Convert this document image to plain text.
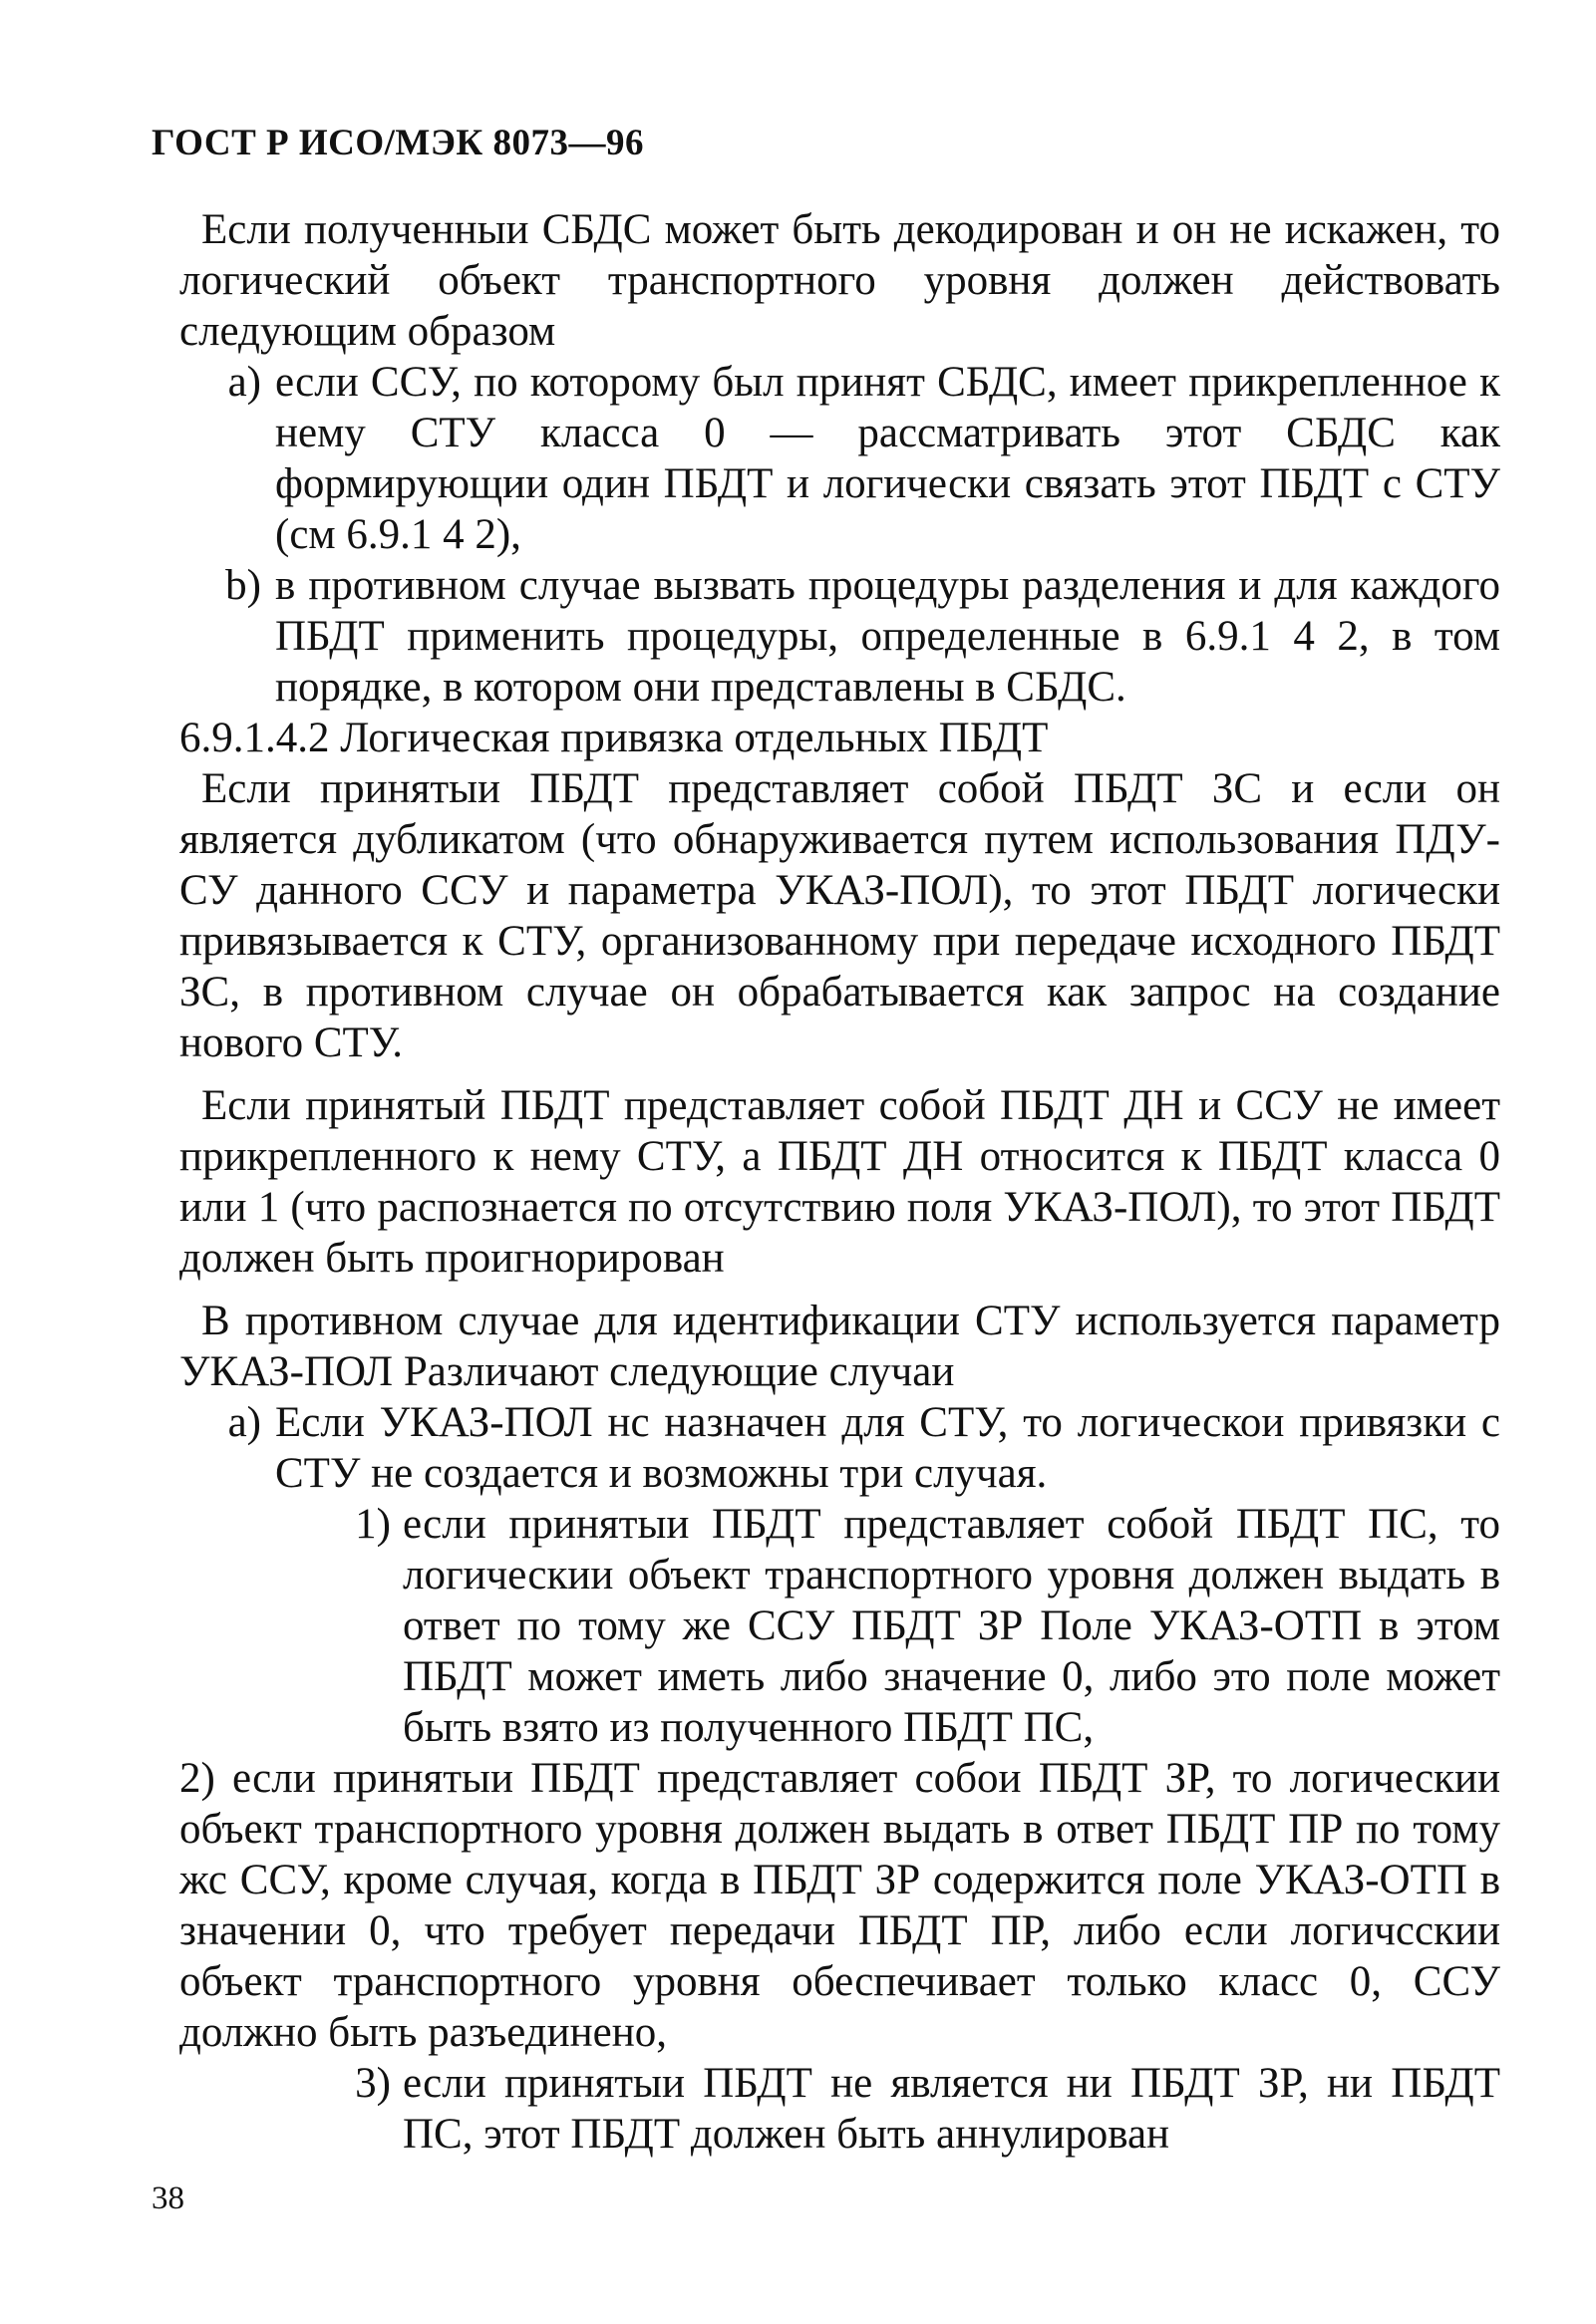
ГОСТ Р ИСО/МЭК 8073—96

Если полученныи СБДС может быть декодирован и он не искажен, то логический объект транспортного уровня должен действовать следующим образом

a) если ССУ, по которому был принят СБДС, имеет прикрепленное к нему СТУ класса 0 — рассматривать этот СБДС как формирующии один ПБДТ и логически связать этот ПБДТ с СТУ (см 6.9.1 4 2),
b) в противном случае вызвать процедуры разделения и для каждого ПБДТ применить процедуры, определенные в 6.9.1 4 2, в том порядке, в котором они представлены в СБДС.

6.9.1.4.2 Логическая привязка отдельных ПБДТ

Если принятыи ПБДТ представляет собой ПБДТ ЗС и если он является дубликатом (что обнаруживается путем использования ПДУ-СУ данного ССУ и параметра УКАЗ-ПОЛ), то этот ПБДТ логически привязывается к СТУ, организованному при передаче исходного ПБДТ ЗС, в противном случае он обрабатывается как запрос на создание нового СТУ.

Если принятый ПБДТ представляет собой ПБДТ ДН и ССУ не имеет прикрепленного к нему СТУ, а ПБДТ ДН относится к ПБДТ класса 0 или 1 (что распознается по отсутствию поля УКАЗ-ПОЛ), то этот ПБДТ должен быть проигнорирован

В противном случае для идентификации СТУ используется параметр УКАЗ-ПОЛ Различают следующие случаи

a) Если УКАЗ-ПОЛ нс назначен для СТУ, то логическои привязки с СТУ не создается и возможны три случая.
1) если принятыи ПБДТ представляет собой ПБДТ ПС, то логическии объект транспортного уровня должен выдать в ответ по тому же ССУ ПБДТ ЗР Поле УКАЗ-ОТП в этом ПБДТ может иметь либо значение 0, либо это поле может быть взято из полученного ПБДТ ПС,

2) если принятыи ПБДТ представляет собои ПБДТ ЗР, то логическии объект транспортного уровня должен выдать в ответ ПБДТ ПР по тому жс ССУ, кроме случая, когда в ПБДТ ЗР содержится поле УКАЗ-ОТП в значении 0, что требует передачи ПБДТ ПР, либо если логичсскии объект транспортного уровня обеспечивает только класс 0, ССУ должно быть разъединено,

3) если принятыи ПБДТ не является ни ПБДТ ЗР, ни ПБДТ ПС, этот ПБДТ должен быть аннулирован
38
